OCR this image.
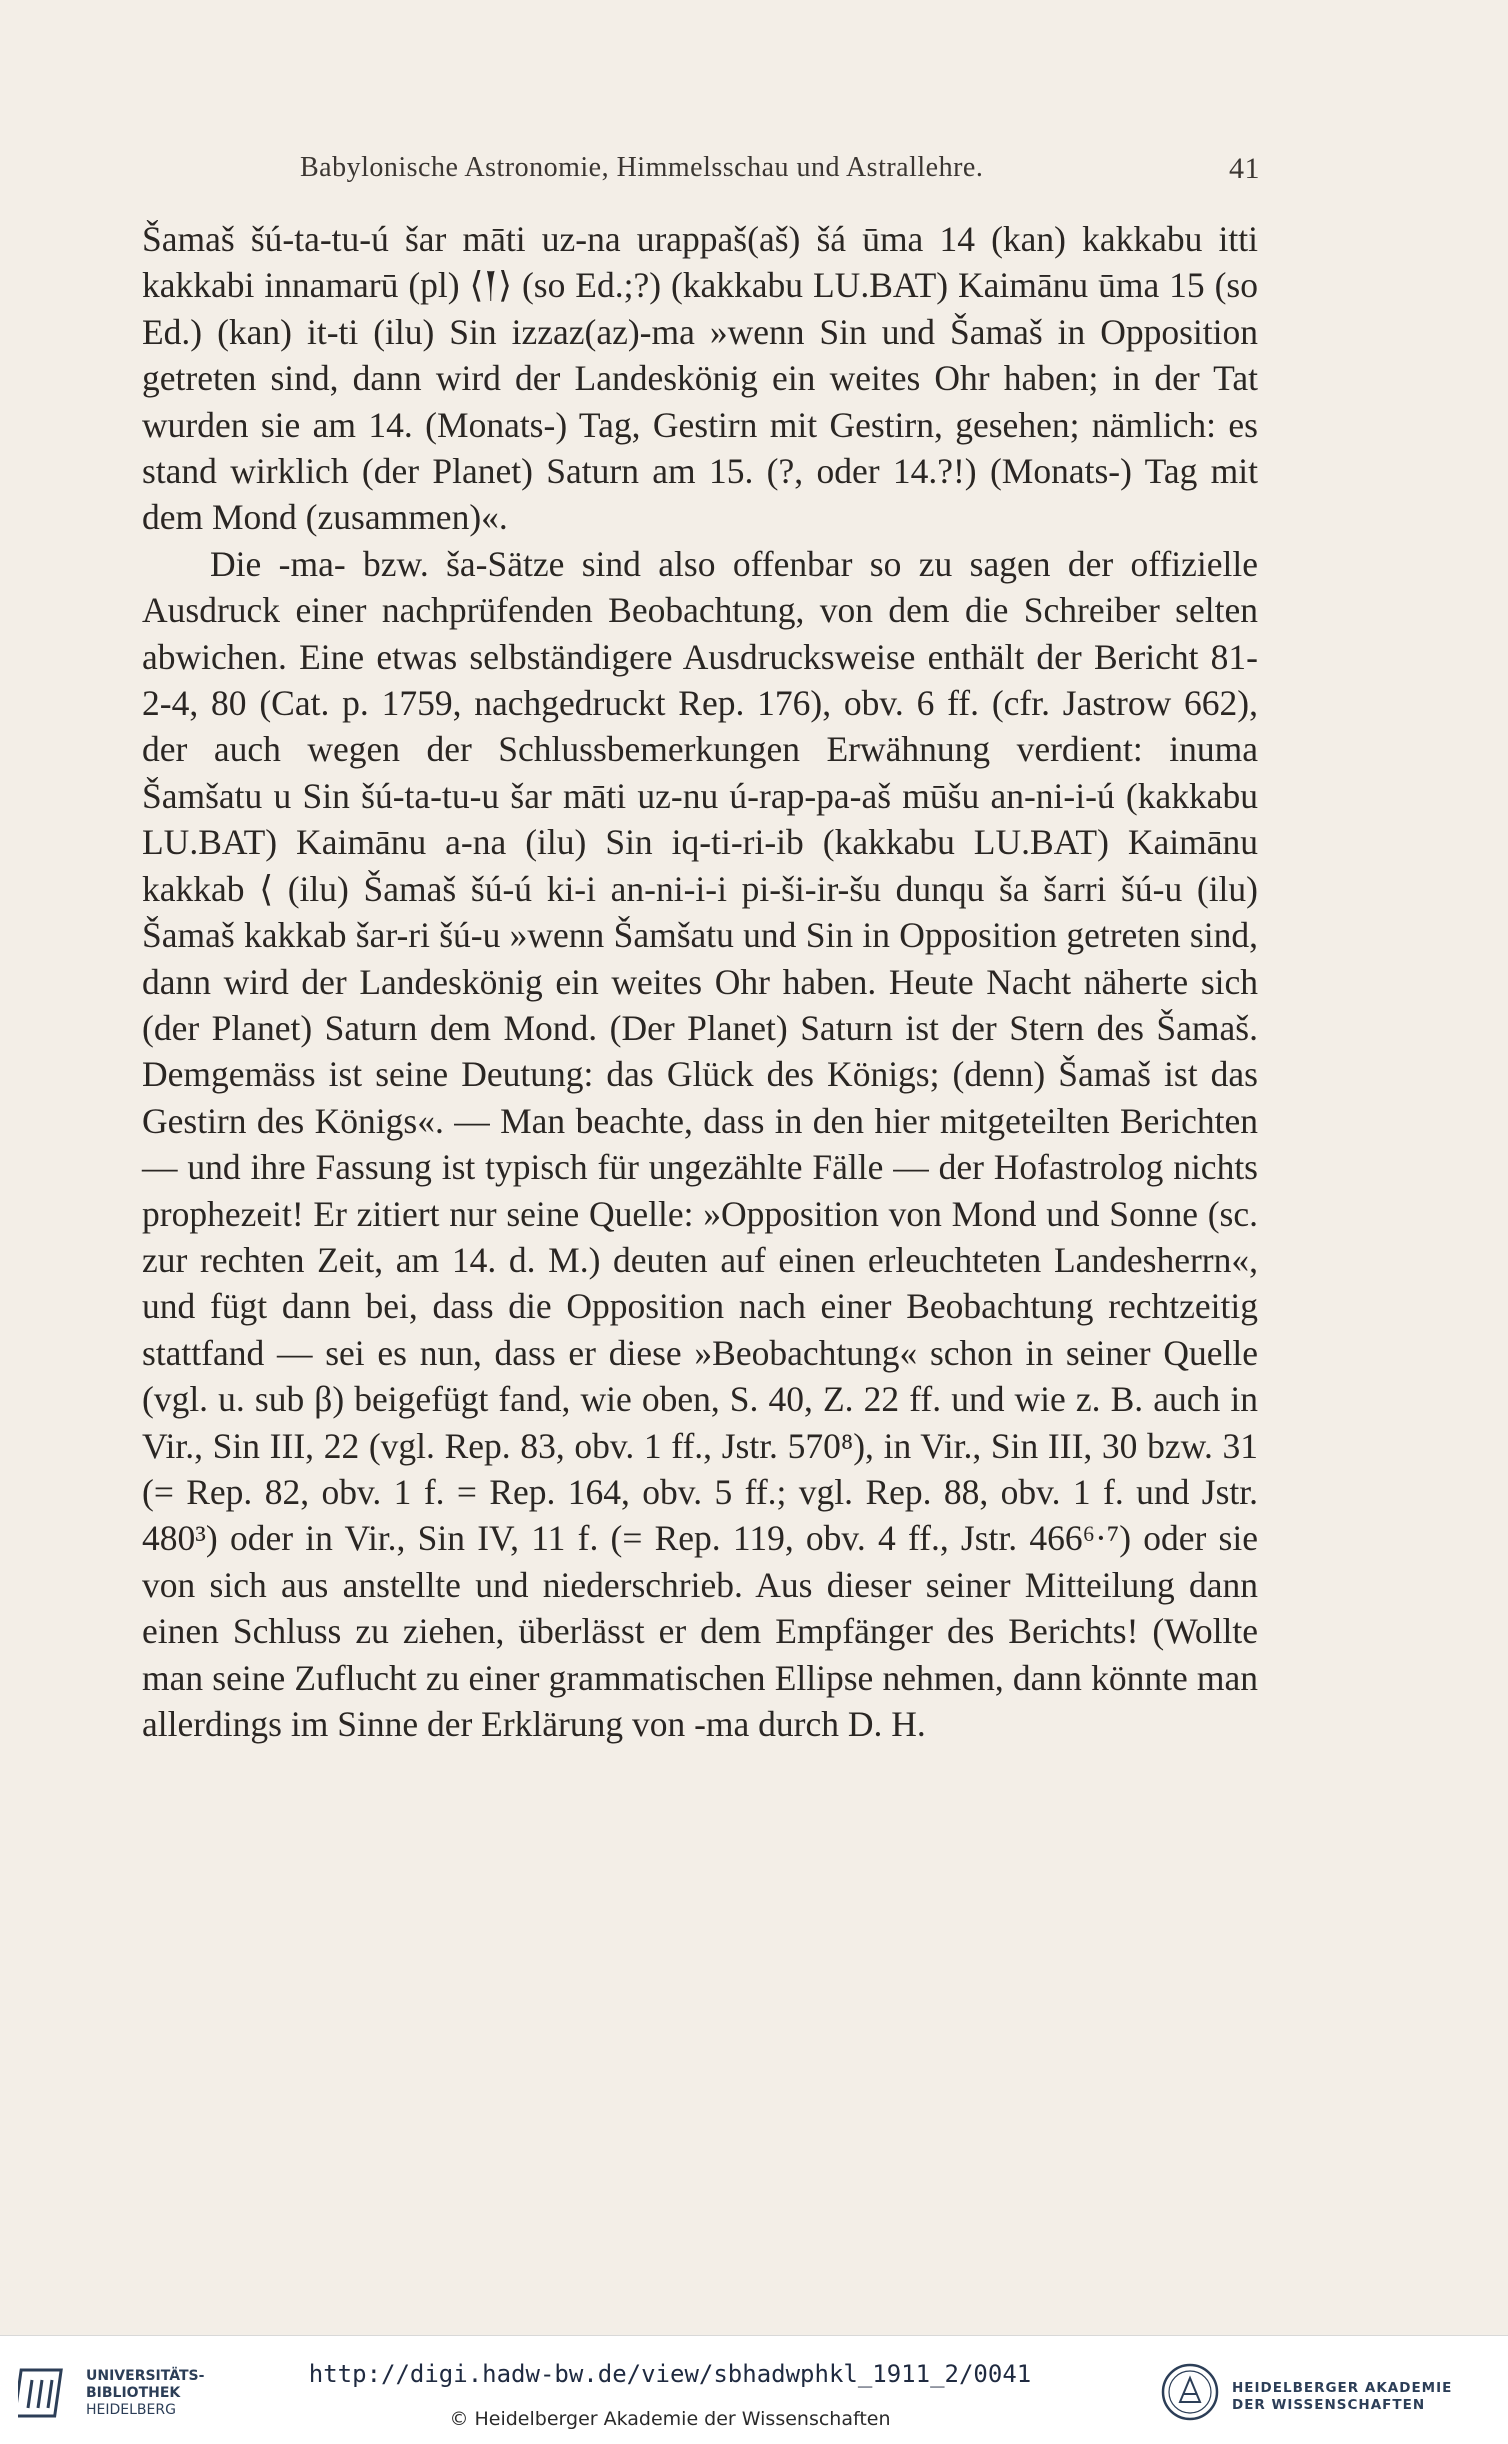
Babylonische Astronomie, Himmelsschau und Astrallehre.	41

Šamaš šú-ta-tu-ú šar māti uz-na urappaš(aš) šá ūma 14 (kan) kakkabu itti kakkabi innamarū (pl) ⟨𒁹⟩ (so Ed.;?) (kakkabu LU.BAT) Kaimānu ūma 15 (so Ed.) (kan) it-ti (ilu) Sin izzaz(az)-ma »wenn Sin und Šamaš in Opposition getreten sind, dann wird der Landeskönig ein weites Ohr haben; in der Tat wurden sie am 14. (Monats-) Tag, Gestirn mit Gestirn, gesehen; nämlich: es stand wirklich (der Planet) Saturn am 15. (?, oder 14.?!) (Monats-) Tag mit dem Mond (zusammen)«.

Die -ma- bzw. ša-Sätze sind also offenbar so zu sagen der offizielle Ausdruck einer nachprüfenden Beobachtung, von dem die Schreiber selten abwichen. Eine etwas selbständigere Ausdrucksweise enthält der Bericht 81-2-4, 80 (Cat. p. 1759, nachgedruckt Rep. 176), obv. 6 ff. (cfr. Jastrow 662), der auch wegen der Schlussbemerkungen Erwähnung verdient: inuma Šamšatu u Sin šú-ta-tu-u šar māti uz-nu ú-rap-pa-aš mūšu an-ni-i-ú (kakkabu LU.BAT) Kaimānu a-na (ilu) Sin iq-ti-ri-ib (kakkabu LU.BAT) Kaimānu kakkab ⟨ (ilu) Šamaš šú-ú ki-i an-ni-i-i pi-ši-ir-šu dunqu ša šarri šú-u (ilu) Šamaš kakkab šar-ri šú-u »wenn Šamšatu und Sin in Opposition getreten sind, dann wird der Landeskönig ein weites Ohr haben. Heute Nacht näherte sich (der Planet) Saturn dem Mond. (Der Planet) Saturn ist der Stern des Šamaš. Demgemäss ist seine Deutung: das Glück des Königs; (denn) Šamaš ist das Gestirn des Königs«. — Man beachte, dass in den hier mitgeteilten Berichten — und ihre Fassung ist typisch für ungezählte Fälle — der Hofastrolog nichts prophezeit! Er zitiert nur seine Quelle: »Opposition von Mond und Sonne (sc. zur rechten Zeit, am 14. d. M.) deuten auf einen erleuchteten Landesherrn«, und fügt dann bei, dass die Opposition nach einer Beobachtung rechtzeitig stattfand — sei es nun, dass er diese »Beobachtung« schon in seiner Quelle (vgl. u. sub β) beigefügt fand, wie oben, S. 40, Z. 22 ff. und wie z. B. auch in Vir., Sin III, 22 (vgl. Rep. 83, obv. 1 ff., Jstr. 570⁸), in Vir., Sin III, 30 bzw. 31 (= Rep. 82, obv. 1 f. = Rep. 164, obv. 5 ff.; vgl. Rep. 88, obv. 1 f. und Jstr. 480³) oder in Vir., Sin IV, 11 f. (= Rep. 119, obv. 4 ff., Jstr. 466⁶·⁷) oder sie von sich aus anstellte und niederschrieb. Aus dieser seiner Mitteilung dann einen Schluss zu ziehen, überlässt er dem Empfänger des Berichts! (Wollte man seine Zuflucht zu einer grammatischen Ellipse nehmen, dann könnte man allerdings im Sinne der Erklärung von -ma durch D. H.

UNIVERSITÄTS-
BIBLIOTHEK
HEIDELBERG
http://digi.hadw-bw.de/view/sbhadwphkl_1911_2/0041
© Heidelberger Akademie der Wissenschaften
HEIDELBERGER AKADEMIE
DER WISSENSCHAFTEN
